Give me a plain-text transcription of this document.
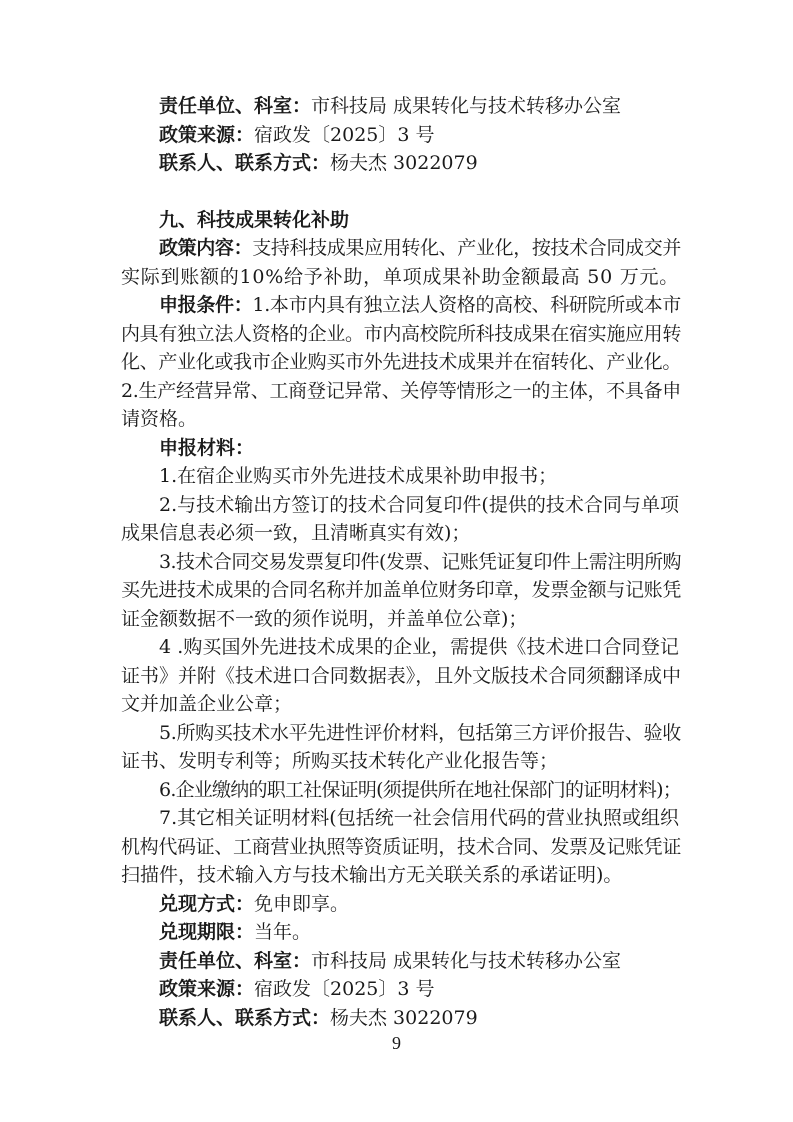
责任单位、科室：市科技局 成果转化与技术转移办公室

政策来源：宿政发〔2025〕3 号

联系人、联系方式：杨夫杰 3022079

九、科技成果转化补助

政策内容：支持科技成果应用转化、产业化，按技术合同成交并

实际到账额的10%给予补助，单项成果补助金额最高 50 万元。

申报条件：1.本市内具有独立法人资格的高校、科研院所或本市

内具有独立法人资格的企业。市内高校院所科技成果在宿实施应用转

化、产业化或我市企业购买市外先进技术成果并在宿转化、产业化。

2.生产经营异常、工商登记异常、关停等情形之一的主体，不具备申

请资格。

申报材料：

1.在宿企业购买市外先进技术成果补助申报书；

2.与技术输出方签订的技术合同复印件(提供的技术合同与单项

成果信息表必须一致，且清晰真实有效)；

3.技术合同交易发票复印件(发票、记账凭证复印件上需注明所购

买先进技术成果的合同名称并加盖单位财务印章，发票金额与记账凭

证金额数据不一致的须作说明，并盖单位公章)；

4 .购买国外先进技术成果的企业，需提供《技术进口合同登记

证书》并附《技术进口合同数据表》，且外文版技术合同须翻译成中

文并加盖企业公章；

5.所购买技术水平先进性评价材料，包括第三方评价报告、验收

证书、发明专利等；所购买技术转化产业化报告等；

6.企业缴纳的职工社保证明(须提供所在地社保部门的证明材料)；

7.其它相关证明材料(包括统一社会信用代码的营业执照或组织

机构代码证、工商营业执照等资质证明，技术合同、发票及记账凭证

扫描件，技术输入方与技术输出方无关联关系的承诺证明)。

兑现方式：免申即享。

兑现期限：当年。

责任单位、科室：市科技局 成果转化与技术转移办公室

政策来源：宿政发〔2025〕3 号

联系人、联系方式：杨夫杰 3022079

9
